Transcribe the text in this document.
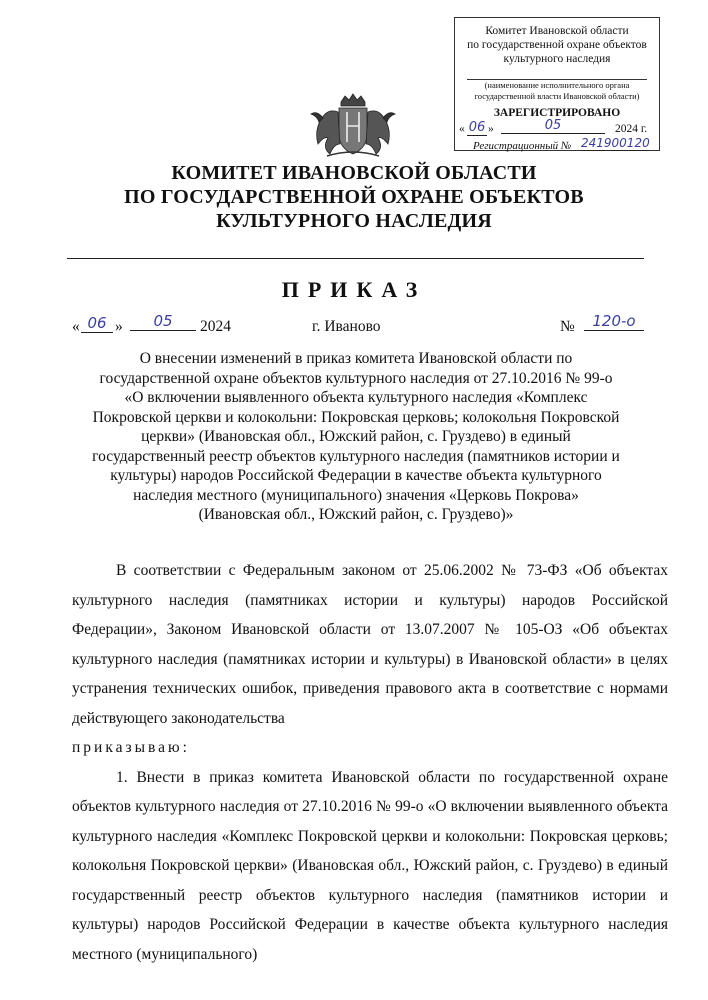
Комитет Ивановской области
по государственной охране объектов
культурного наследия
(наименование исполнительного органа
государственной власти Ивановской области)
ЗАРЕГИСТРИРОВАНО
« 06 »	05	2024 г.
Регистрационный № 241900120
КОМИТЕТ ИВАНОВСКОЙ ОБЛАСТИ
ПО ГОСУДАРСТВЕННОЙ ОХРАНЕ ОБЪЕКТОВ
КУЛЬТУРНОГО НАСЛЕДИЯ
ПРИКАЗ
« 06 »	05	2024	г. Иваново	№	120-о
О внесении изменений в приказ комитета Ивановской области по
государственной охране объектов культурного наследия от 27.10.2016 № 99-о
«О включении выявленного объекта культурного наследия «Комплекс
Покровской церкви и колокольни: Покровская церковь; колокольня Покровской
церкви» (Ивановская обл., Южский район, с. Груздево) в единый
государственный реестр объектов культурного наследия (памятников истории и
культуры) народов Российской Федерации в качестве объекта культурного
наследия местного (муниципального) значения «Церковь Покрова»
(Ивановская обл., Южский район, с. Груздево)»

В соответствии с Федеральным законом от 25.06.2002 № 73-ФЗ «Об объектах культурного наследия (памятниках истории и культуры) народов Российской Федерации», Законом Ивановской области от 13.07.2007 № 105-ОЗ «Об объектах культурного наследия (памятниках истории и культуры) в Ивановской области» в целях устранения технических ошибок, приведения правового акта в соответствие с нормами действующего законодательства

приказываю:

1. Внести в приказ комитета Ивановской области по государственной охране объектов культурного наследия от 27.10.2016 № 99-о «О включении выявленного объекта культурного наследия «Комплекс Покровской церкви и колокольни: Покровская церковь; колокольня Покровской церкви» (Ивановская обл., Южский район, с. Груздево) в единый государственный реестр объектов культурного наследия (памятников истории и культуры) народов Российской Федерации в качестве объекта культурного наследия местного (муниципального)
